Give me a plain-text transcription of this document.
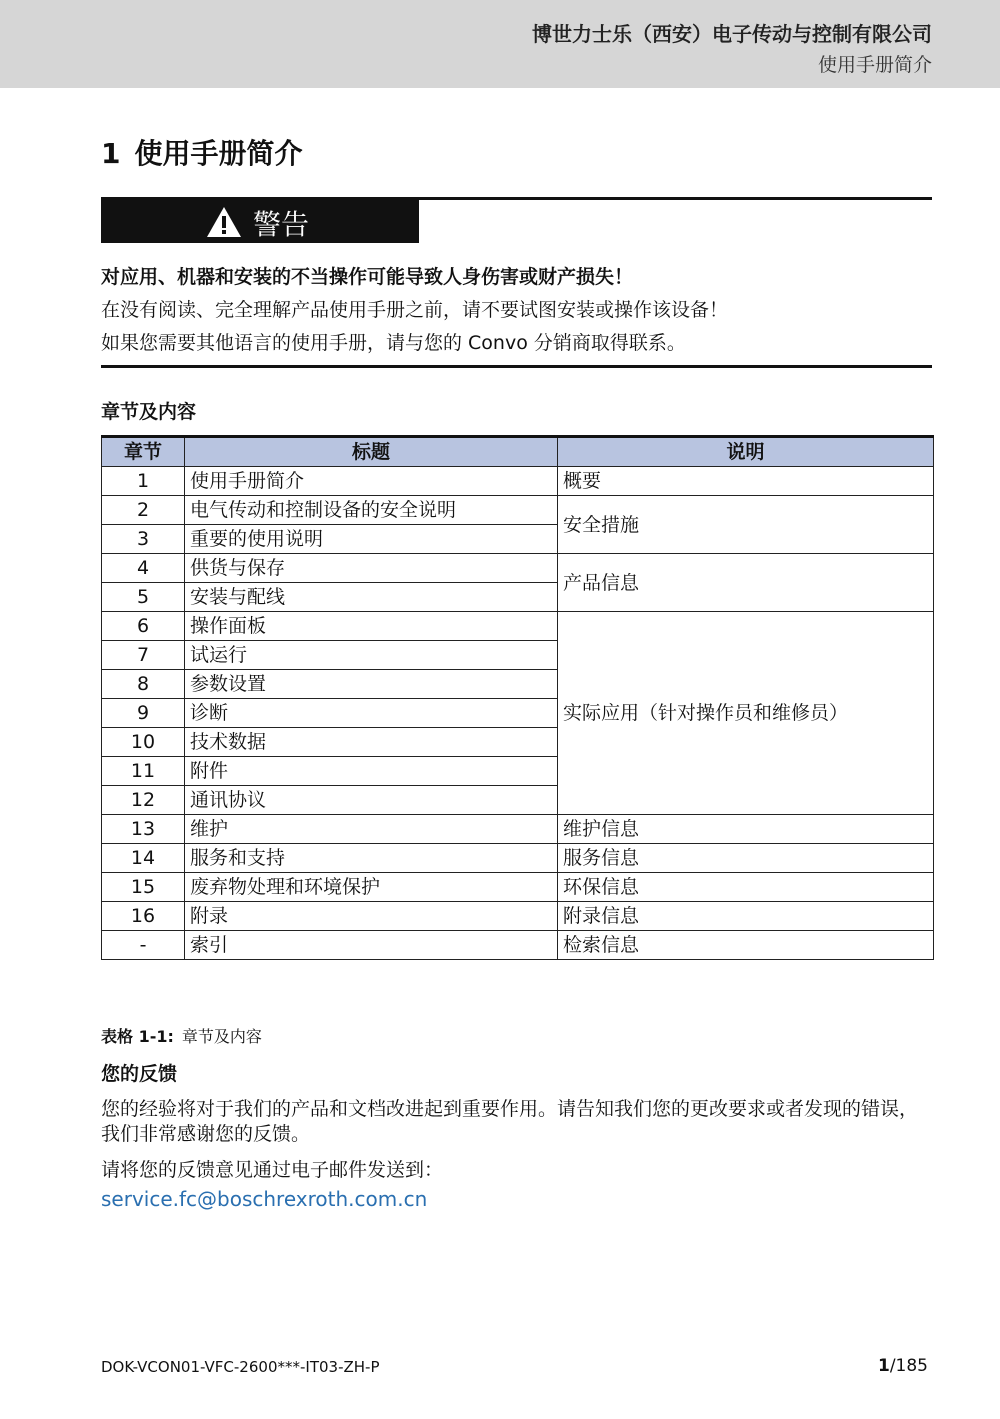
博世力士乐（西安）电子传动与控制有限公司
使用手册简介
1 使用手册简介
警告
对应用、机器和安装的不当操作可能导致人身伤害或财产损失！
在没有阅读、完全理解产品使用手册之前，请不要试图安装或操作该设备！
如果您需要其他语言的使用手册，请与您的 Convo 分销商取得联系。
章节及内容
章节	标题	说明
1	使用手册简介	概要
2	电气传动和控制设备的安全说明	安全措施
3	重要的使用说明	
4	供货与保存	产品信息
5	安装与配线	
6	操作面板	实际应用（针对操作员和维修员）
7	试运行	
8	参数设置	
9	诊断	
10	技术数据	
11	附件	
12	通讯协议	
13	维护	维护信息
14	服务和支持	服务信息
15	废弃物处理和环境保护	环保信息
16	附录	附录信息
-	索引	检索信息
表格 1-1: 章节及内容
您的反馈
您的经验将对于我们的产品和文档改进起到重要作用。请告知我们您的更改要求或者发现的错误，我们非常感谢您的反馈。
请将您的反馈意见通过电子邮件发送到：
service.fc@boschrexroth.com.cn
DOK-VCON01-VFC-2600***-IT03-ZH-P	1/185
